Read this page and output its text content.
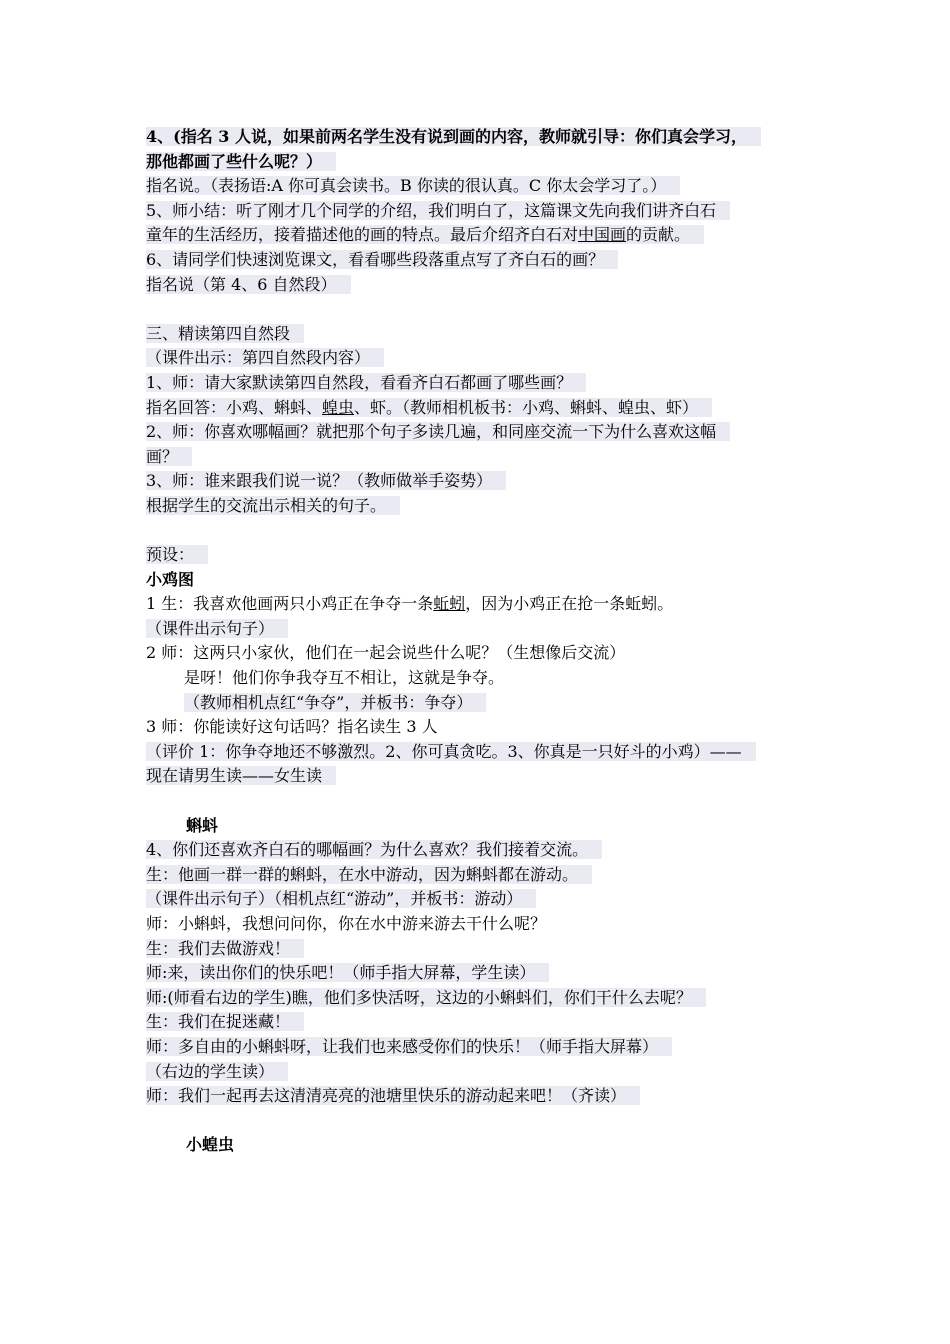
4、(指名 3 人说，如果前两名学生没有说到画的内容，教师就引导：你们真会学习，
那他都画了些什么呢？）
指名说。（表扬语:A 你可真会读书。B 你读的很认真。C 你太会学习了。）
5、师小结：听了刚才几个同学的介绍，我们明白了，这篇课文先向我们讲齐白石
童年的生活经历，接着描述他的画的特点。最后介绍齐白石对中国画的贡献。
6、请同学们快速浏览课文，看看哪些段落重点写了齐白石的画？
指名说（第 4、6 自然段）
三、精读第四自然段
（课件出示：第四自然段内容）
1、师：请大家默读第四自然段，看看齐白石都画了哪些画？
指名回答：小鸡、蝌蚪、蝗虫、虾。（教师相机板书：小鸡、蝌蚪、蝗虫、虾）
2、师：你喜欢哪幅画？就把那个句子多读几遍，和同座交流一下为什么喜欢这幅
画？
3、师：谁来跟我们说一说？（教师做举手姿势）
根据学生的交流出示相关的句子。
预设：
小鸡图
1 生：我喜欢他画两只小鸡正在争夺一条蚯蚓，因为小鸡正在抢一条蚯蚓。
（课件出示句子）
2 师：这两只小家伙，他们在一起会说些什么呢？（生想像后交流）
是呀！他们你争我夺互不相让，这就是争夺。
（教师相机点红“争夺”，并板书：争夺）
3 师：你能读好这句话吗？指名读生 3 人
（评价 1：你争夺地还不够激烈。2、你可真贪吃。3、你真是一只好斗的小鸡）——
现在请男生读——女生读
蝌蚪
4、你们还喜欢齐白石的哪幅画？为什么喜欢？我们接着交流。
生：他画一群一群的蝌蚪，在水中游动，因为蝌蚪都在游动。
（课件出示句子）（相机点红“游动”，并板书：游动）
师：小蝌蚪，我想问问你，你在水中游来游去干什么呢？
生：我们去做游戏！
师:来，读出你们的快乐吧！（师手指大屏幕，学生读）
师:(师看右边的学生)瞧，他们多快活呀，这边的小蝌蚪们，你们干什么去呢？
生：我们在捉迷藏！
师：多自由的小蝌蚪呀，让我们也来感受你们的快乐！（师手指大屏幕）
（右边的学生读）
师：我们一起再去这清清亮亮的池塘里快乐的游动起来吧！（齐读）
小蝗虫
